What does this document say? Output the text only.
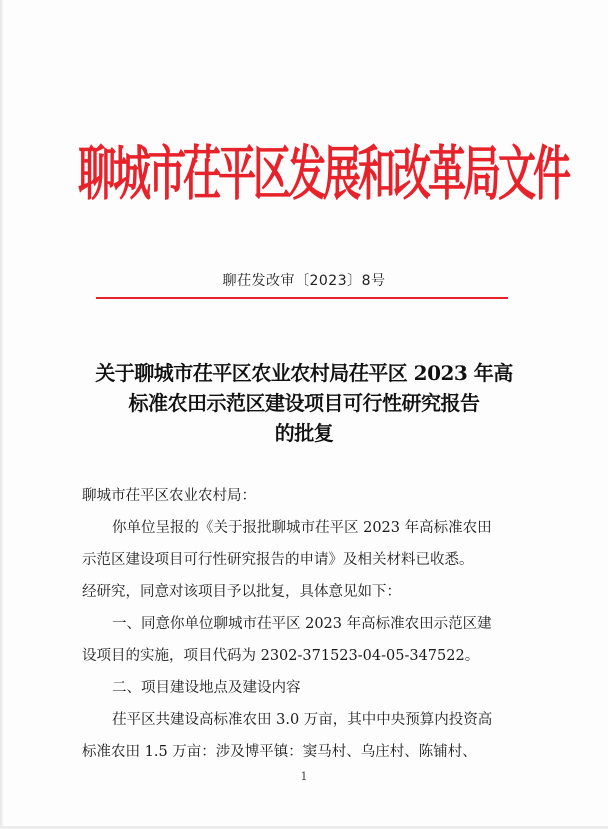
聊城市茌平区发展和改革局文件
聊茌发改审〔2023〕8号
关于聊城市茌平区农业农村局茌平区 2023 年高
标准农田示范区建设项目可行性研究报告
的批复

聊城市茌平区农业农村局：

你单位呈报的《关于报批聊城市茌平区 2023 年高标准农田

示范区建设项目可行性研究报告的申请》及相关材料已收悉。

经研究，同意对该项目予以批复，具体意见如下：

一、同意你单位聊城市茌平区 2023 年高标准农田示范区建

设项目的实施，项目代码为 2302-371523-04-05-347522。

二、项目建设地点及建设内容

茌平区共建设高标准农田 3.0 万亩，其中中央预算内投资高

标准农田 1.5 万亩：涉及博平镇：窦马村、乌庄村、陈铺村、

1
